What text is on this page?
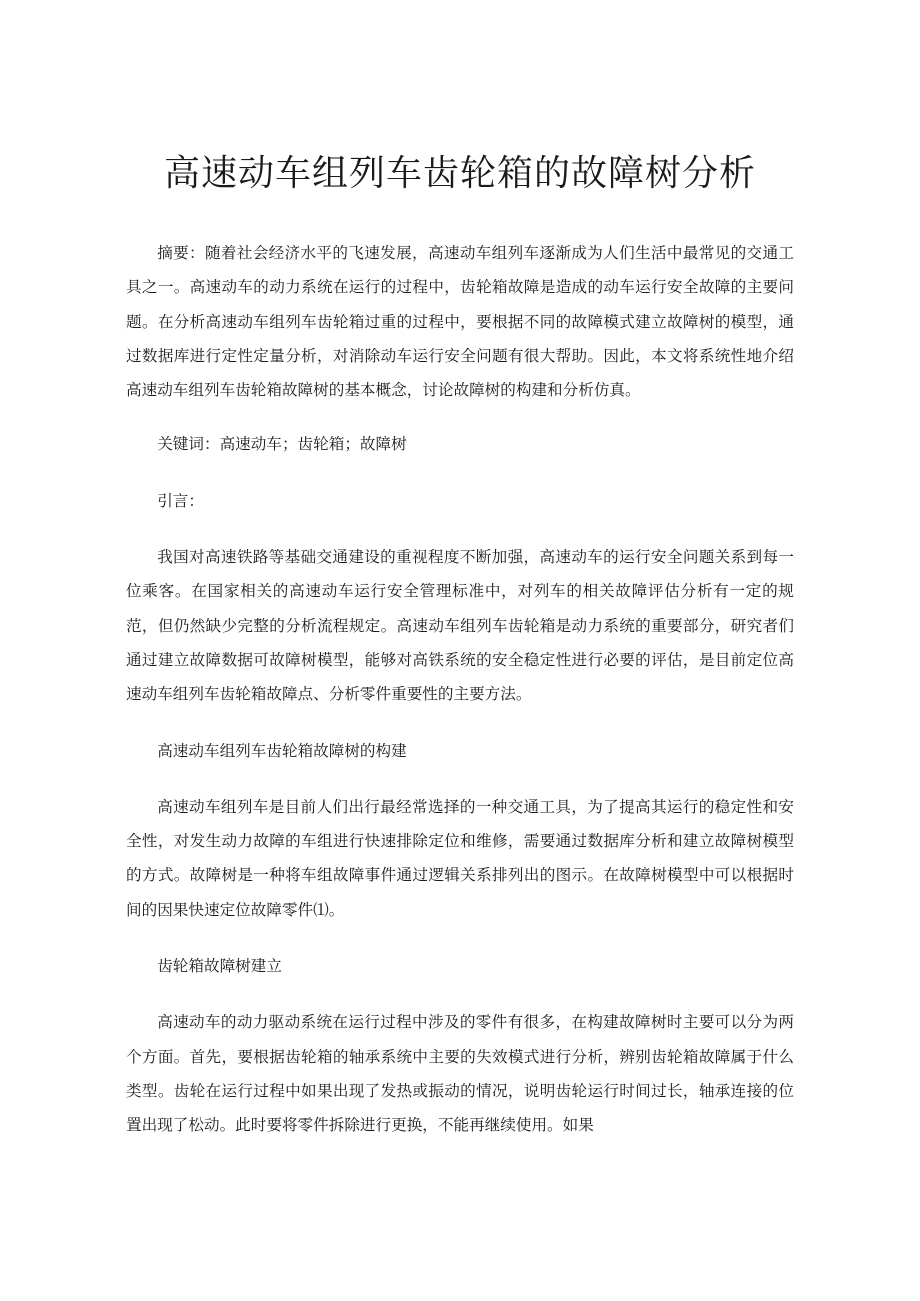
高速动车组列车齿轮箱的故障树分析

摘要：随着社会经济水平的飞速发展，高速动车组列车逐渐成为人们生活中最常见的交通工具之一。高速动车的动力系统在运行的过程中，齿轮箱故障是造成的动车运行安全故障的主要问题。在分析高速动车组列车齿轮箱过重的过程中，要根据不同的故障模式建立故障树的模型，通过数据库进行定性定量分析，对消除动车运行安全问题有很大帮助。因此，本文将系统性地介绍高速动车组列车齿轮箱故障树的基本概念，讨论故障树的构建和分析仿真。

关键词：高速动车；齿轮箱；故障树

引言：

我国对高速铁路等基础交通建设的重视程度不断加强，高速动车的运行安全问题关系到每一位乘客。在国家相关的高速动车运行安全管理标准中，对列车的相关故障评估分析有一定的规范，但仍然缺少完整的分析流程规定。高速动车组列车齿轮箱是动力系统的重要部分，研究者们通过建立故障数据可故障树模型，能够对高铁系统的安全稳定性进行必要的评估，是目前定位高速动车组列车齿轮箱故障点、分析零件重要性的主要方法。

高速动车组列车齿轮箱故障树的构建

高速动车组列车是目前人们出行最经常选择的一种交通工具，为了提高其运行的稳定性和安全性，对发生动力故障的车组进行快速排除定位和维修，需要通过数据库分析和建立故障树模型的方式。故障树是一种将车组故障事件通过逻辑关系排列出的图示。在故障树模型中可以根据时间的因果快速定位故障零件⑴。

齿轮箱故障树建立

高速动车的动力驱动系统在运行过程中涉及的零件有很多，在构建故障树时主要可以分为两个方面。首先，要根据齿轮箱的轴承系统中主要的失效模式进行分析，辨别齿轮箱故障属于什么类型。齿轮在运行过程中如果出现了发热或振动的情况，说明齿轮运行时间过长，轴承连接的位置出现了松动。此时要将零件拆除进行更换，不能再继续使用。如果
